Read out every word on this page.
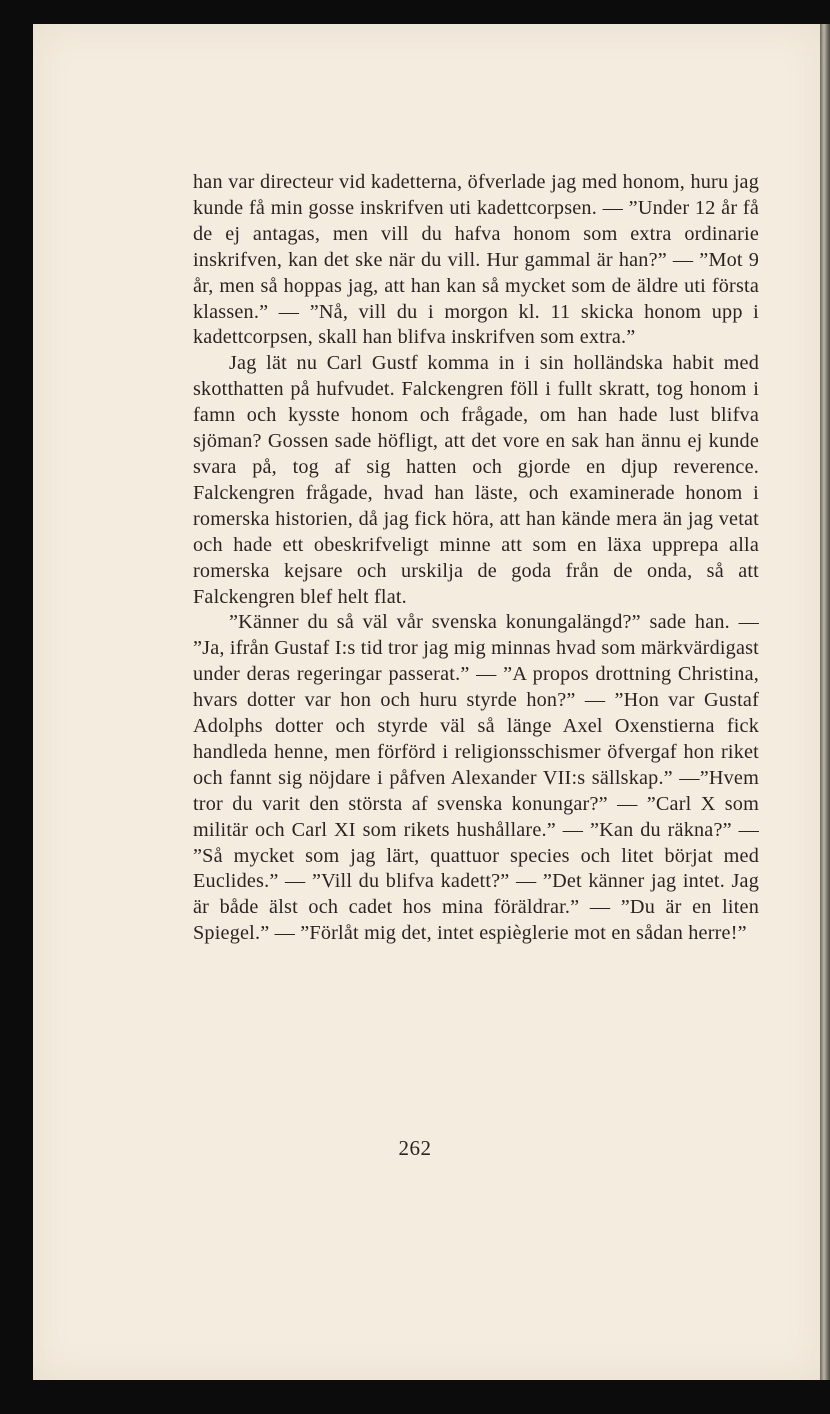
han var directeur vid kadetterna, öfverlade jag med honom, huru jag kunde få min gosse inskrifven uti kadettcorpsen. — ”Under 12 år få de ej antagas, men vill du hafva honom som extra ordinarie inskrifven, kan det ske när du vill. Hur gammal är han?” — ”Mot 9 år, men så hoppas jag, att han kan så mycket som de äldre uti första klassen.” — ”Nå, vill du i morgon kl. 11 skicka honom upp i kadettcorpsen, skall han blifva inskrifven som extra.”

Jag lät nu Carl Gustf komma in i sin holländska habit med skotthatten på hufvudet. Falckengren föll i fullt skratt, tog honom i famn och kysste honom och frågade, om han hade lust blifva sjöman? Gossen sade höfligt, att det vore en sak han ännu ej kunde svara på, tog af sig hatten och gjorde en djup reverence. Falckengren frågade, hvad han läste, och examinerade honom i romerska historien, då jag fick höra, att han kände mera än jag vetat och hade ett obeskrifveligt minne att som en läxa upprepa alla romerska kejsare och urskilja de goda från de onda, så att Falckengren blef helt flat.

”Känner du så väl vår svenska konungalängd?” sade han. — ”Ja, ifrån Gustaf I:s tid tror jag mig minnas hvad som märkvärdigast under deras regeringar passerat.” — ”A propos drottning Christina, hvars dotter var hon och huru styrde hon?” — ”Hon var Gustaf Adolphs dotter och styrde väl så länge Axel Oxenstierna fick handleda henne, men förförd i religionsschismer öfvergaf hon riket och fannt sig nöjdare i påfven Alexander VII:s sällskap.” —”Hvem tror du varit den största af svenska konungar?” — ”Carl X som militär och Carl XI som rikets hushållare.” — ”Kan du räkna?” — ”Så mycket som jag lärt, quattuor species och litet börjat med Euclides.” — ”Vill du blifva kadett?” — ”Det känner jag intet. Jag är både älst och cadet hos mina föräldrar.” — ”Du är en liten Spiegel.” — ”Förlåt mig det, intet espièglerie mot en sådan herre!”

262
